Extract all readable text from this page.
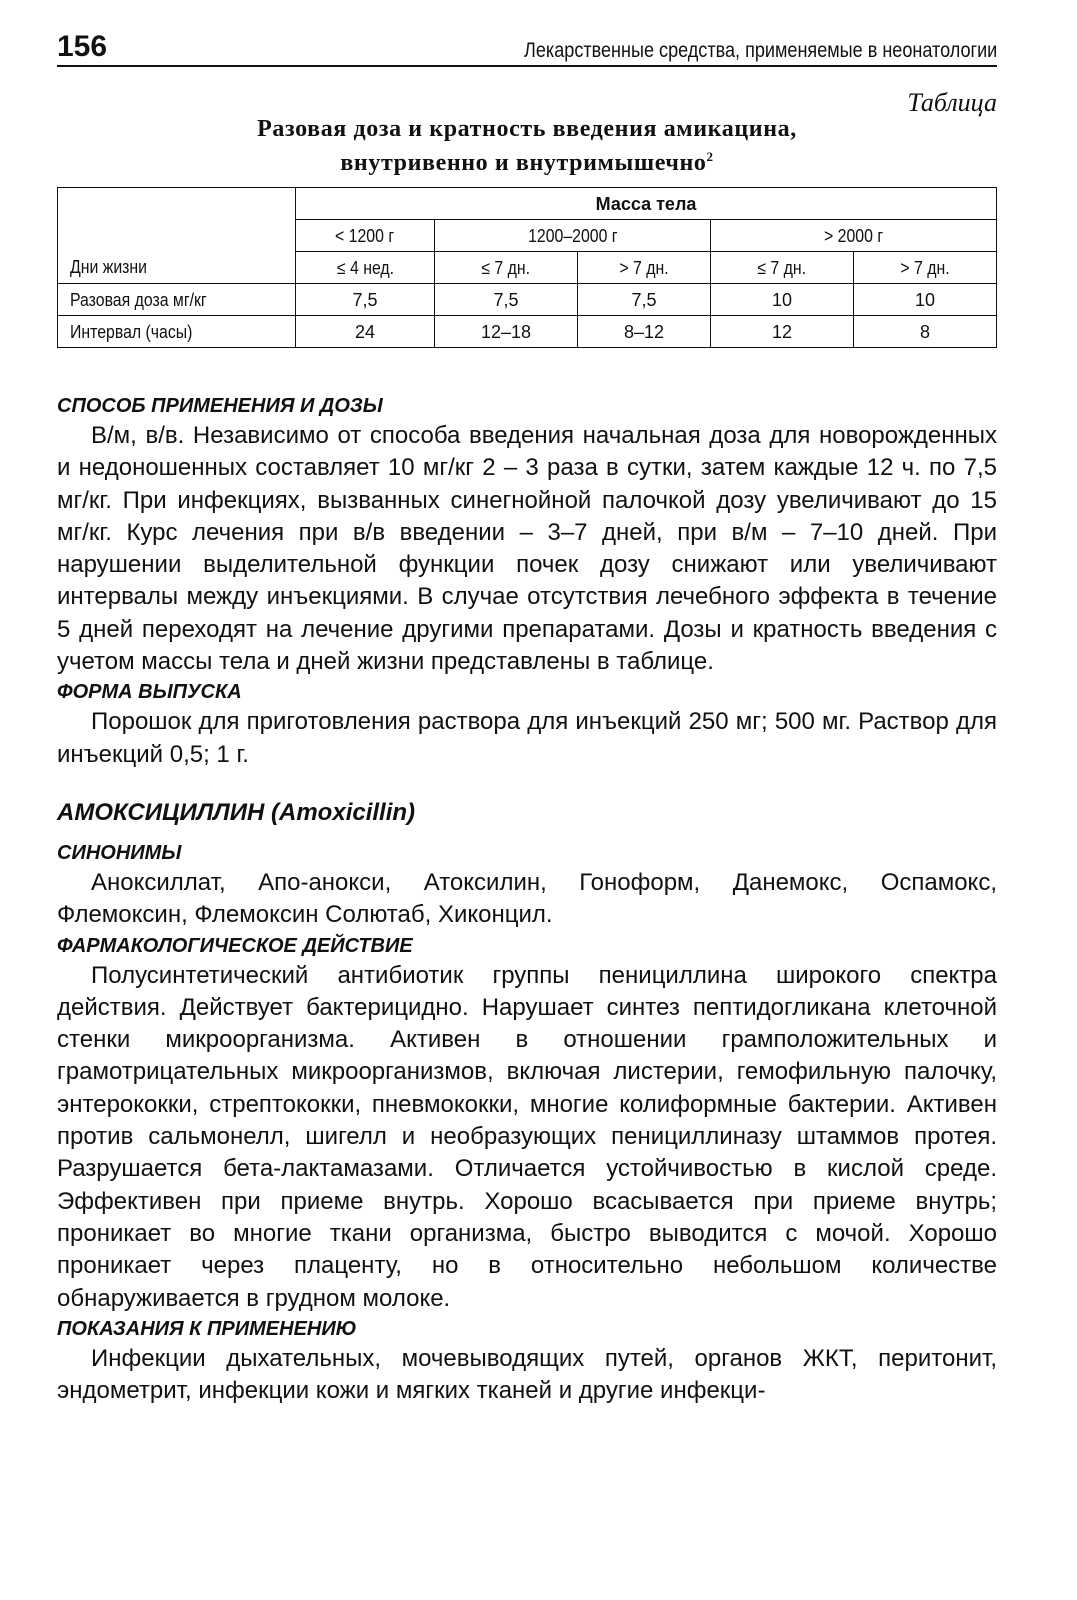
156	Лекарственные средства, применяемые в неонатологии
Таблица
Разовая доза и кратность введения амикацина,
внутривенно и внутримышечно$^2$
	Масса тела				
	< 1200 г	1200–2000 г		> 2000 г	
Дни жизни	≤ 4 нед.	≤ 7 дн.	> 7 дн.	≤ 7 дн.	> 7 дн.
Разовая доза мг/кг	7,5	7,5	7,5	10	10
Интервал (часы)	24	12–18	8–12	12	8
СПОСОБ ПРИМЕНЕНИЯ И ДОЗЫ

В/м, в/в. Независимо от способа введения начальная доза для новорожденных и недоношенных составляет 10 мг/кг 2 – 3 раза в сутки, затем каждые 12 ч. по 7,5 мг/кг. При инфекциях, вызванных синегнойной палочкой дозу увеличивают до 15 мг/кг. Курс лечения при в/в введении – 3–7 дней, при в/м – 7–10 дней. При нарушении выделительной функции почек дозу снижают или увеличивают интервалы между инъекциями. В случае отсутствия лечебного эффекта в течение 5 дней переходят на лечение другими препаратами. Дозы и кратность введения с учетом массы тела и дней жизни представлены в таблице.

ФОРМА ВЫПУСКА

Порошок для приготовления раствора для инъекций 250 мг; 500 мг. Раствор для инъекций 0,5; 1 г.

АМОКСИЦИЛЛИН (Amoxicillin)
СИНОНИМЫ

Аноксиллат, Апо-анокси, Атоксилин, Гоноформ, Данемокс, Оспамокс, Флемоксин, Флемоксин Солютаб, Хиконцил.

ФАРМАКОЛОГИЧЕСКОЕ ДЕЙСТВИЕ

Полусинтетический антибиотик группы пенициллина широкого спектра действия. Действует бактерицидно. Нарушает синтез пептидогликана клеточной стенки микроорганизма. Активен в отношении грамположительных и грамотрицательных микроорганизмов, включая листерии, гемофильную палочку, энтерококки, стрептококки, пневмококки, многие колиформные бактерии. Активен против сальмонелл, шигелл и необразующих пенициллиназу штаммов протея. Разрушается бета-лактамазами. Отличается устойчивостью в кислой среде. Эффективен при приеме внутрь. Хорошо всасывается при приеме внутрь; проникает во многие ткани организма, быстро выводится с мочой. Хорошо проникает через плаценту, но в относительно небольшом количестве обнаруживается в грудном молоке.

ПОКАЗАНИЯ К ПРИМЕНЕНИЮ

Инфекции дыхательных, мочевыводящих путей, органов ЖКТ, перитонит, эндометрит, инфекции кожи и мягких тканей и другие инфекци-
